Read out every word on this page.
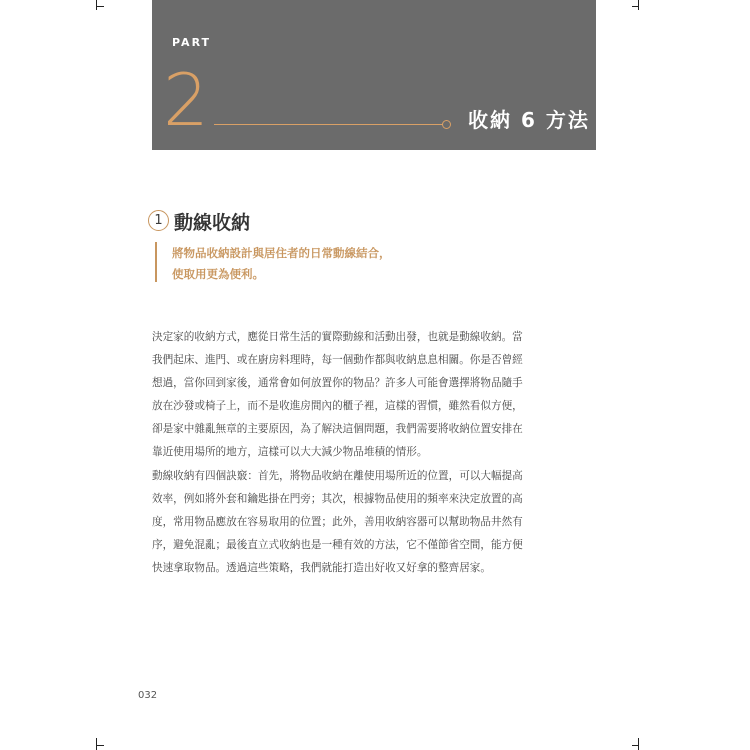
PART
2	收納 6 方法
1 動線收納
將物品收納設計與居住者的日常動線結合，
使取用更為便利。
決定家的收納方式，應從日常生活的實際動線和活動出發，也就是動線收納。當
我們起床、進門、或在廚房料理時，每一個動作都與收納息息相關。你是否曾經
想過，當你回到家後，通常會如何放置你的物品？許多人可能會選擇將物品隨手
放在沙發或椅子上，而不是收進房間內的櫃子裡，這樣的習慣，雖然看似方便，
卻是家中雜亂無章的主要原因，為了解決這個問題，我們需要將收納位置安排在
靠近使用場所的地方，這樣可以大大減少物品堆積的情形。
動線收納有四個訣竅：首先，將物品收納在離使用場所近的位置，可以大幅提高
效率，例如將外套和鑰匙掛在門旁；其次，根據物品使用的頻率來決定放置的高
度，常用物品應放在容易取用的位置；此外，善用收納容器可以幫助物品井然有
序，避免混亂；最後直立式收納也是一種有效的方法，它不僅節省空間，能方便
快速拿取物品。透過這些策略，我們就能打造出好收又好拿的整齊居家。
032
